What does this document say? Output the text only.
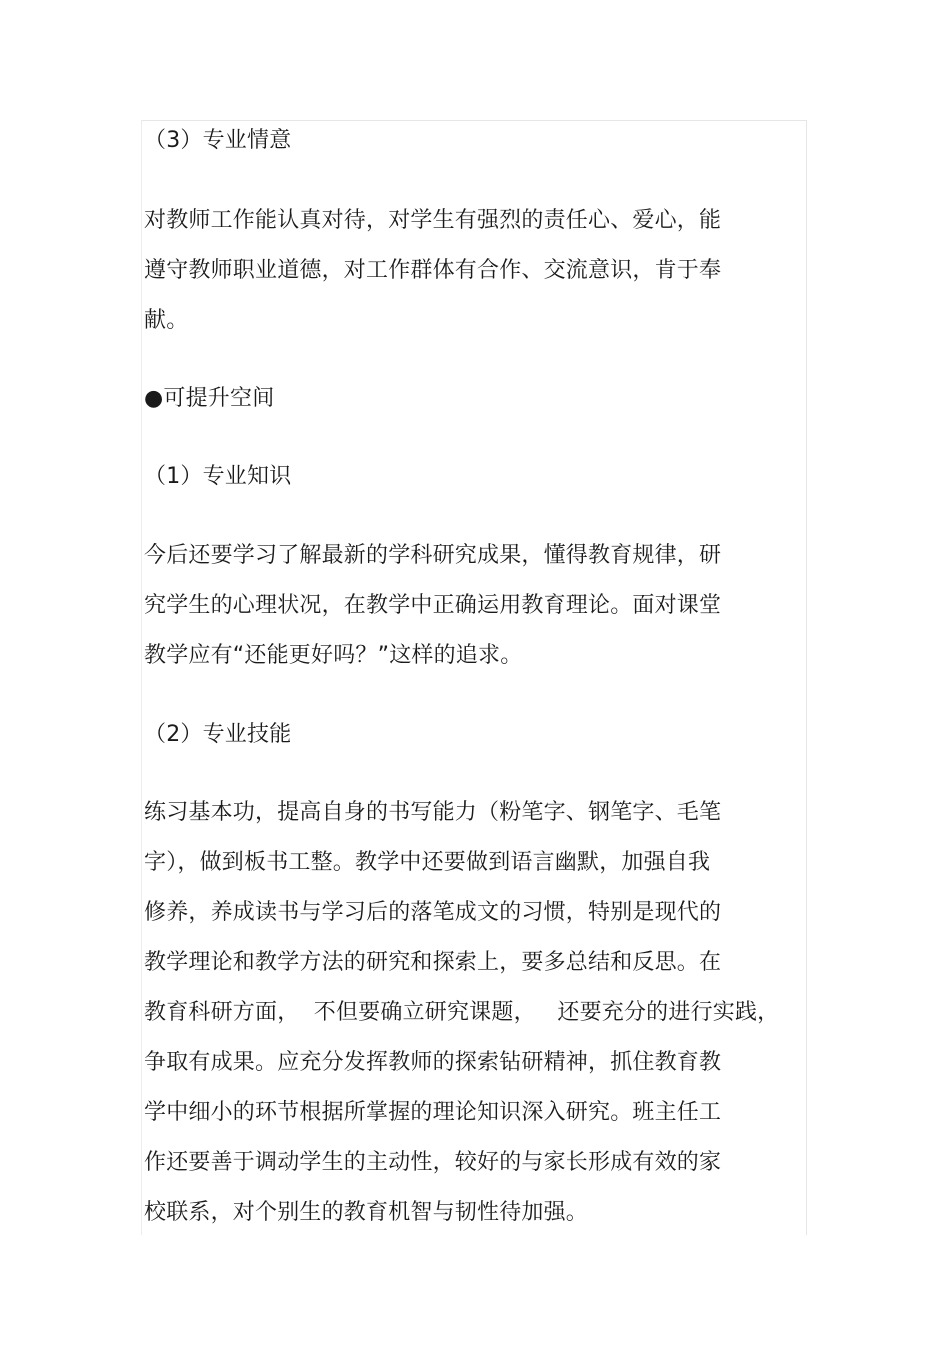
（3）专业情意
对教师工作能认真对待，对学生有强烈的责任心、爱心，能
遵守教师职业道德，对工作群体有合作、交流意识，肯于奉
献。
●可提升空间
（1）专业知识
今后还要学习了解最新的学科研究成果，懂得教育规律，研
究学生的心理状况，在教学中正确运用教育理论。面对课堂
教学应有“还能更好吗？”这样的追求。
（2）专业技能
练习基本功，提高自身的书写能力（粉笔字、钢笔字、毛笔
字），做到板书工整。教学中还要做到语言幽默，加强自我
修养，养成读书与学习后的落笔成文的习惯，特别是现代的
教学理论和教学方法的研究和探索上，要多总结和反思。在
教育科研方面，  不但要确立研究课题，   还要充分的进行实践，
争取有成果。应充分发挥教师的探索钻研精神，抓住教育教
学中细小的环节根据所掌握的理论知识深入研究。班主任工
作还要善于调动学生的主动性，较好的与家长形成有效的家
校联系，对个别生的教育机智与韧性待加强。
